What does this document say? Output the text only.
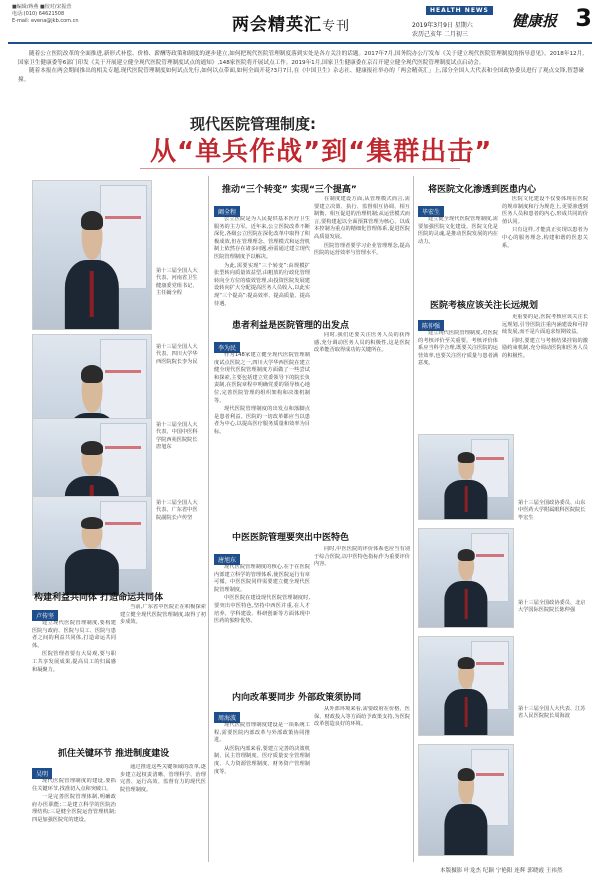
■编辑/蒋燕 ■校对/宋振营
电话:(010) 64621508
E-mail: evena@jkb.com.cn	两会精英汇专刊
HEALTH NEWS
2019年3月9日 星期六
农历己亥年 二月初三
健康报 3

随着公立医院改革的全面推进,新形式补偿、价格、薪酬等政策和制度的逐步建立,如何把现代医院管理制度落到实处是各方关注的话题。2017年7月,国务院办公厅发布《关于建立现代医院管理制度的指导意见》。2018年12月,国家卫生健康委等6部门印发《关于开展建立健全现代医院管理制度试点的通知》,148家医院将开展试点工作。2019年1月,国家卫生健康委在京召开建立健全现代医院管理制度试点启动会。

随着本报在两会期间推出的相关专题,现代医院管理制度如何试点先行,如何以点带面,如何全面开花?3月7日,在《中国卫生》杂志社、健康报社举办的「两会精英汇」上,部分全国人大代表和全国政协委员进行了观点交锋,智慧碰撞。

现代医院管理制度:
从“单兵作战”到“集群出击”
第十三届全国人大代表、河南省卫生健康委党组书记、主任阚全程
第十三届全国人大代表、四川大学华西医院院长李为民
第十三届全国人大代表、中国中医科学院西苑医院院长唐旭东
第十三届全国人大代表、广东省中医院副院长卢传坚
推动“三个转变” 实现“三个提高”
阚全程

公立医院是为人民提供基本医疗卫生服务的主力军。近年来,公立医院改革不断深化,各级公立医院在深化改革中取得了积极成效,但在管理理念、管理模式和运营机制上依然存在诸多问题,亟需通过建立现代医院管理制度予以解决。

为此,需要实现“三个转变”:由规模扩张型转向质量效益型,由粗放的行政化管理转向全方位的绩效管理,由投资医院发展建设转向扩大分配提高医务人员收入,以此实现“三个提高”:提高效率、提高质量、提高待遇。

在制度建设方面,从管理模式而言,需要建立决策、执行、监督相互协调、相互制衡、相互促进的治理机制;从运营模式而言,要构建起以全面预算管理为核心、以成本控制为重点的精细化管理体系,促进医院高质量发展。

医院管理者要学习企业管理理念,提高医院的运营效率与管理水平。

患者利益是医院管理的出发点
李为民

作为148家建立健全现代医院管理制度试点医院之一,四川大学华西医院在建立健全现代医院管理制度方面做了一些尝试和探索,主要包括建立党委领导下的院长负责制,在医院章程中明确党委的领导核心地位,完善医院管理的组织架构和决策机制等。

现代医院管理制度的出发点和落脚点是患者利益。医院的一切改革都应当以患者为中心,以提高医疗服务质量和效率为目标。

同时,我们还要关注医务人员的获得感,充分调动医务人员的积极性,这是医院改革能否取得成功的关键所在。

中医医院管理要突出中医特色
唐旭东

现代医院管理制度的核心,在于在医院内部建立科学的管理体系,使医院运行有章可循。中医医院同样需要建立健全现代医院管理制度。

中医医院在建设现代医院管理制度时,要突出中医特色,坚持中西医并重,在人才培养、学科建设、科研创新等方面体现中医药的独特优势。

同时,中医医院的评价体系也应当有别于综合医院,以中医特色指标作为重要评价内容。

内向改革要同步 外部政策须协同
周海波

现代医院管理制度建设是一项系统工程,需要医院内部改革与外部政策协同推进。

从医院内部来看,要建立完善的决策机制、民主管理制度、医疗质量安全管理制度、人力资源管理制度、财务资产管理制度等。

从外部环境来看,需要政府在价格、医保、财政投入等方面给予政策支持,为医院改革创造良好的环境。

构建利益共同体 打造命运共同体
卢传坚

建立现代医院管理制度,要构建医院与政府、医院与员工、医院与患者之间的利益共同体,打造命运共同体。

医院管理者要有大局观,要与职工共享发展成果,提高员工的归属感和凝聚力。

当前,广东省中医院正在积极探索建立健全现代医院管理制度,取得了初步成效。

抓住关键环节 推进制度建设
吴明

现代医院管理制度的建设,要抓住关键环节,找准切入点和突破口。

一是完善医院管理体制,明确政府办医职能;二是建立科学的医院治理结构;三是健全医院运营管理机制;四是加强医院党的建设。

通过推进这些关键领域的改革,逐步建立起权责清晰、管理科学、治理完善、运行高效、监督有力的现代医院管理制度。

将医院文化渗透到医患内心
毕宏生

建立健全现代医院管理制度,需要加强医院文化建设。医院文化是医院的灵魂,是推动医院发展的内在动力。

医院文化建设不仅要体现在医院的规章制度和行为规范上,更要渗透到医务人员和患者的内心,形成共同的价值认同。

只有这样,才能真正实现以患者为中心的服务理念,构建和谐的医患关系。

医院考核应该关注长远规划
陈仲强

建立现代医院管理制度,对医院的考核评价至关重要。考核评价体系应当科学合理,既要关注医院的运营效率,也要关注医疗质量与患者满意度。

更重要的是,医院考核应该关注长远规划,引导医院注重内涵建设和可持续发展,而不是片面追求短期效益。

同时,要建立与考核结果挂钩的激励约束机制,充分调动医院和医务人员的积极性。

第十三届全国政协委员、山东中医药大学附属眼科医院院长毕宏生
第十三届全国政协委员、北京大学国际医院院长陈仲强
第十三届全国人大代表、江苏省人民医院院长周海波
本版摄影 叶龙杰 纪颖 宁艳阳 连辉 郭晓霞 王祎然
